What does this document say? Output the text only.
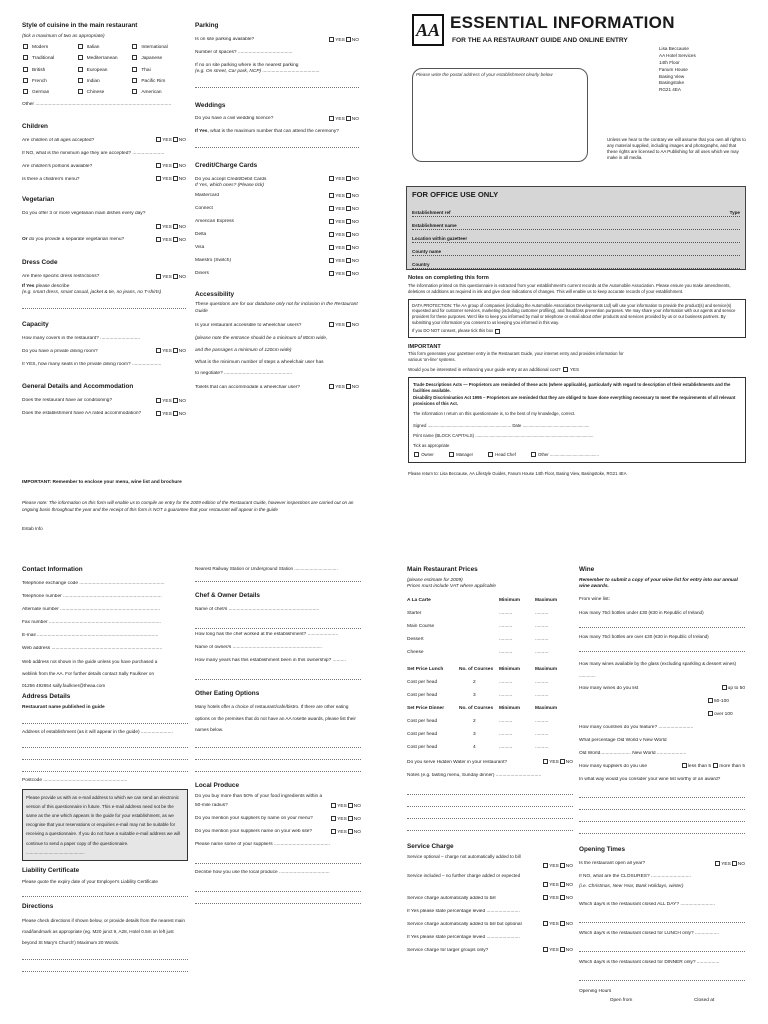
Style of cuisine in the main restaurant
(tick a maximum of two as appropriate)
Modern	Italian	International
Traditional	Mediterranean	Japanese
British	European	Thai
French	Indian	Pacific Rim
German	Chinese	American
Other ......................................................................................................
Children
Are children of all ages accepted?	YES NO
If NO, what is the minimum age they are accepted? ........................
Are children's portions available?	YES NO
Is there a children's menu?	YES NO
Vegetarian
Do you offer 3 or more vegetarian main dishes every day?
YES NO
Or do you provide a separate vegetarian menu?	YES NO
Dress Code
Are there specific dress restrictions?	YES NO
If Yes please describe
(e.g. smart dress, smart casual, jacket & tie, no jeans, no T-shirts)
Capacity
How many covers in the restaurant? ..............................
Do you have a private dining room?	YES NO
If YES, how many seats in the private dining room? ......................
General Details and Accommodation
Does the restaurant have air conditioning?	YES NO
Does the establishment have AA rated accommodation?	YES NO
IMPORTANT: Remember to enclose your menu, wine list and brochure
Please note: The information on this form will enable us to compile an entry for the 2009 edition of the Restaurant Guide, however inspections are carried out on an ongoing basis throughout the year and the receipt of this form is NOT a guarantee that your restaurant will appear in the guide
Estab Info
Parking
Is on site parking available?	YES NO
Number of spaces? .........................................
If no on site parking where is the nearest parking
(e.g. On street, Car park, NCP) ...........................................
Weddings
Do you have a civil wedding licence?	YES NO
If Yes, what is the maximum number that can attend the ceremony?
Credit/Charge Cards
Do you accept Credit/Debit Cards	YES NO
If Yes, which ones? (Please tick)
Mastercard	YES NO
Connect	YES NO
American Express	YES NO
Delta	YES NO
Visa	YES NO
Maestro (Switch)	YES NO
Diners	YES NO
Accessibility
These questions are for our database only not for inclusion in the Restaurant Guide
Is your restaurant accessible to wheelchair users?	YES NO
(please note the entrance should be a minimum of 80cm wide,
and the passages a minimum of 120cm wide)
What is the minimum number of steps a wheelchair user has
to negotiate? ...................................................
Toilets that can accommodate a wheelchair user?	YES NO
AA ESSENTIAL INFORMATION
FOR THE AA RESTAURANT GUIDE AND ONLINE ENTRY
Please write the postal address of your establishment clearly below
Lisa Beccause
AA Hotel Services
14th Floor
Fanum House
Basing View
Basingstoke
RG21 4EA
Unless we hear to the contrary we will assume that you own all rights to any material supplied, including images and photographs, and that these rights are licensed to AA Publishing for all uses which we may make in all media.
FOR OFFICE USE ONLY
Establishment ref	Type
Establishment name
Location within gazetteer
County name
Country
Notes on completing this form
The information printed on this questionnaire is extracted from your establishment's current records at the Automobile Association. Please ensure you make amendments, deletions or additions as required in ink and give clear indications of changes. This will enable us to keep accurate records of your establishment.
DATA PROTECTION: The AA group of companies (including the Automobile Association Developments Ltd) will use your information to provide the product(s) and service(s) requested and for customer services, marketing (including customer profiling), and fraud/loss prevention purposes. We may share your information with our agents and service providers for these purposes. We'd like to keep you informed by mail or telephone or email about other products and services provided by us or our business partners. By submitting your information you consent to us keeping you informed in this way.
If you DO NOT consent, please tick this box
IMPORTANT
This form generates your gazetteer entry in the Restaurant Guide, your internet entry and provides information for various 'on-line' systems.
Would you be interested in enhancing your guide entry at an additional cost? YES
Trade Descriptions Acts — Proprietors are reminded of these acts (where applicable), particularly with regard to description of their establishments and the facilities available.
Disability Discrimination Act 1995 – Proprietors are reminded that they are obliged to have done everything necessary to meet the requirements of all relevant provisions of this Act.
The information I return on this questionnaire is, to the best of my knowledge, correct.
Signed ...................................................................... Date ........................................................
Print name (BLOCK CAPITALS) ...................................................................................................
Tick as appropriate
Owner	Manager	Head Chef	Other .........................................
Please return to: Lisa Beccause, AA Lifestyle Guides, Fanum House 14th Floor, Basing View, Basingstoke, RG21 4EA
Contact Information
Telephone exchange code ................................................................
Telephone number ..........................................................................
Alternate number ...........................................................................
Fax number ....................................................................................
E-mail ...........................................................................................
Web address ...................................................................................
Web address not shown in the guide unless you have purchased a
weblink from the AA. For further details contact Sally Faulkner on
01256 492654 sally.faulkner@theaa.com
Address Details
Restaurant name published in guide
Address of establishment (as it will appear in the guide) ........................
Postcode ...............................................................
Please provide us with an e-mail address to which we can send an electronic version of this questionnaire in future. This e-mail address need not be the same as the one which appears in the guide for your establishment, as we recognise that your reservations or enquiries e-mail may not be suitable for receiving a questionnaire. If you do not have a suitable e-mail address we will continue to send a paper copy of the questionnaire. ...............................................
Liability Certificate
Please quote the expiry date of your Employer's Liability Certificate
Directions
Please check directions if shown below, or provide details from the nearest main road/landmark as appropriate (eg. M20 junct 9, A28, Hotel 0.5m on left just beyond St Mary's Church') Maximum 20 Words.
Nearest Railway Station or Underground Station ..................................
Chef & Owner Details
Name of chef/s ....................................................................
How long has the chef worked at the establishment? .......................
Name of owner/s ...................................................................
How many years has this establishment been in this ownership? ..........
Other Eating Options
Many hotels offer a choice of restaurant/cafe/bistro. If there are other eating options on the premises that do not have an AA rosette awards, please list their names below.
Local Produce
Do you buy more than 50% of your food ingredients within a
50-mile radius?	YES NO
Do you mention your suppliers by name on your menu?	YES NO
Do you mention your suppliers name on your web site?	YES NO
Please name some of your suppliers ..........................................
Decribe how you use the local produce ......................................
Main Restaurant Prices
(please estimate for 2009)
Prices must include VAT where applicable
A La Carte	Minimum	Maximum
Starter	..........	..........
Main Course	..........	..........
Dessert	..........	..........
Cheese	..........	..........
Set Price Lunch	No. of Courses	Minimum	Maximum
Cost per head	2	..........	..........
Cost per head	3	..........	..........
Set Price Dinner	No. of Courses	Minimum	Maximum
Cost per head	2	..........	..........
Cost per head	3	..........	..........
Cost per head	4	..........	..........
Do you serve Hidden Water in your restaurant?	YES NO
Notes (e.g. tasting menu, Sunday dinner) ..................................
Service Charge
Service optional – charge not automatically added to bill
YES NO
Service included – no further charge added or expected
YES NO
Service charge automatically added to bill	YES NO
If Yes please state percentage levied .........................
Service charge automatically added to bill but optional	YES NO
If Yes please state percentage levied .........................
Service charge for larger groups only?	YES NO
Wine
Remember to submit a copy of your wine list for entry into our annual wine awards.
From wine list:
How many 75cl bottles under £30 (€30 in Republic of Ireland)
How many 75cl bottles are over £30 (€30 in Republic of Ireland)
How many wines available by the glass (excluding sparkling & dessert wines) .............
How many wines do you list	up to 50
50-100
over 100
How many countries do you feature? ..........................
What percentage Old World v New World
Old World....................... New World ......................
How many suppliers do you use	less than 5 more than 5
In what way would you consider your wine list worthy of an award?
Opening Times
Is the restaurant open all year?	YES NO
If NO, what are the CLOSURES? ..............................
(i.e. Christmas, New Year, Bank Holidays, winter)
Which day/s is the restaurant closed ALL DAY? ..........................
Which day/s is the restaurant closed for LUNCH only? ..................
Which day/s is the restaurant closed for DINNER only? .................
Opening Hours
Open from	Closed at
